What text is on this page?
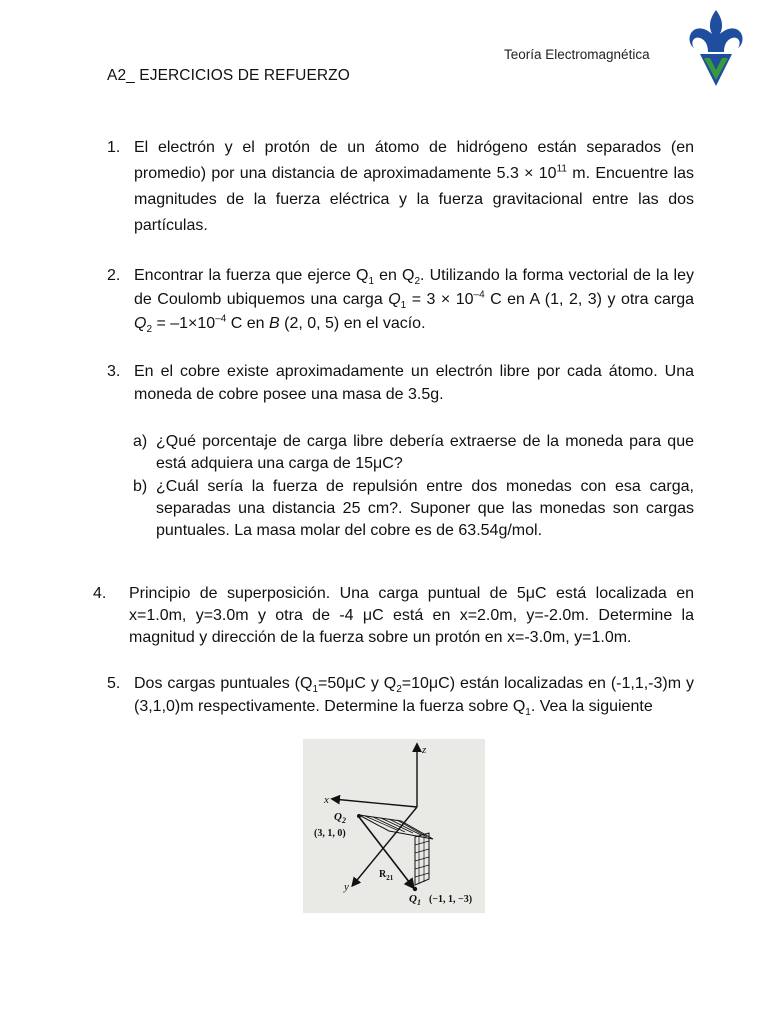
Teoría Electromagnética
A2_ EJERCICIOS DE REFUERZO
1. El electrón y el protón de un átomo de hidrógeno están separados (en promedio) por una distancia de aproximadamente $5.3 \times 10^{11}$ m. Encuentre las magnitudes de la fuerza eléctrica y la fuerza gravitacional entre las dos partículas.
2. Encontrar la fuerza que ejerce $Q_1$ en $Q_2$. Utilizando la forma vectorial de la ley de Coulomb ubiquemos una carga $Q_1 = 3 \times 10^{-4}$ C en A (1, 2, 3) y otra carga $Q_2 = -1\times 10^{-4}$ C en B (2, 0, 5) en el vacío.
3. En el cobre existe aproximadamente un electrón libre por cada átomo. Una moneda de cobre posee una masa de 3.5g.
a) ¿Qué porcentaje de carga libre debería extraerse de la moneda para que está adquiera una carga de 15μC?
b) ¿Cuál sería la fuerza de repulsión entre dos monedas con esa carga, separadas una distancia 25 cm?. Suponer que las monedas son cargas puntuales. La masa molar del cobre es de 63.54g/mol.
4. Principio de superposición. Una carga puntual de 5μC está localizada en x=1.0m, y=3.0m y otra de -4 μC está en x=2.0m, y=-2.0m. Determine la magnitud y dirección de la fuerza sobre un protón en x=-3.0m, y=1.0m.
5. Dos cargas puntuales ($Q_1=50\mu C$ y $Q_2=10\mu C$) están localizadas en (-1,1,-3)m y (3,1,0)m respectivamente. Determine la fuerza sobre $Q_1$. Vea la siguiente
z
x
y
$Q_2$
(3, 1, 0)
$R_{21}$
$Q_1$ (−1, 1, −3)
